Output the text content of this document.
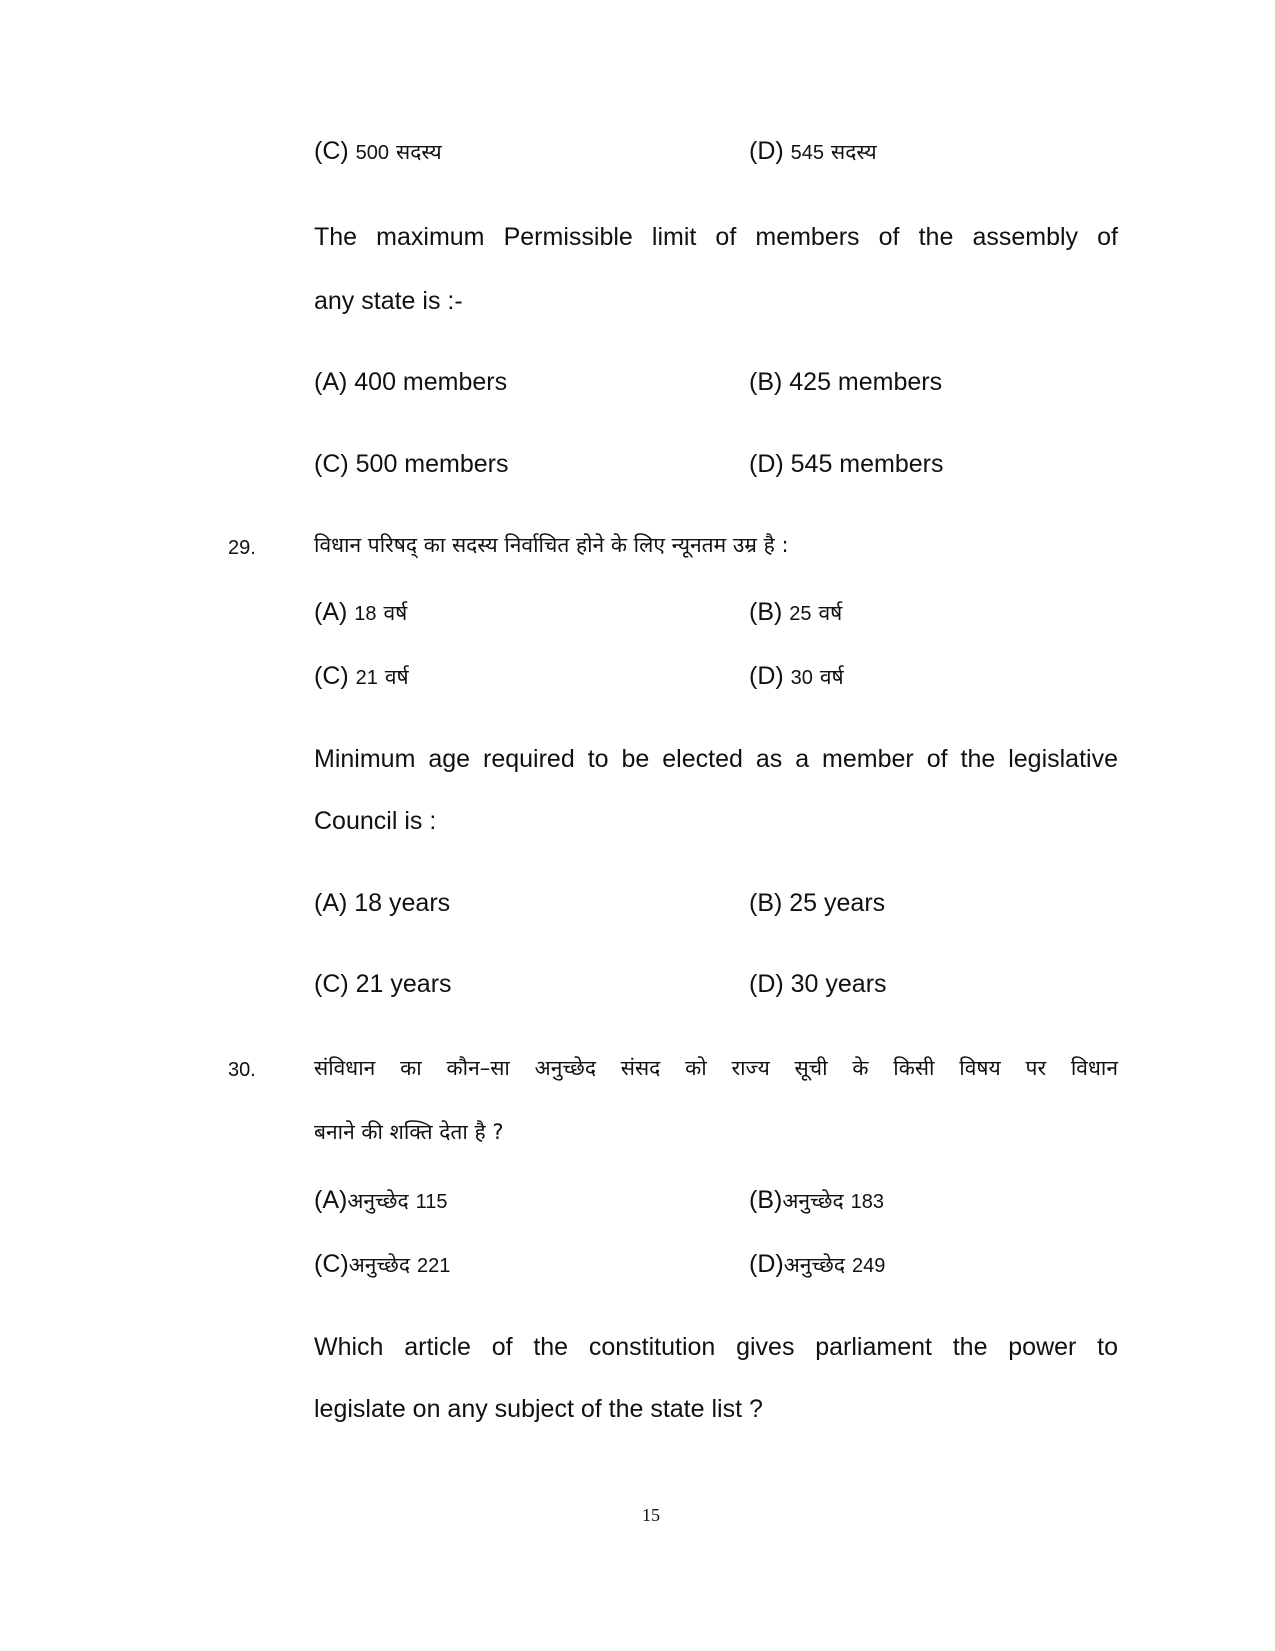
(C) 500 सदस्य	(D) 545 सदस्य
The maximum Permissible limit of members of the assembly of
any state is :-
(A) 400 members	(B) 425 members
(C) 500 members	(D) 545 members
29.	विधान परिषद् का सदस्य निर्वाचित होने के लिए न्यूनतम उम्र है :
(A) 18 वर्ष	(B) 25 वर्ष
(C) 21 वर्ष	(D) 30 वर्ष
Minimum age required to be elected as a member of the legislative
Council is :
(A) 18 years	(B) 25 years
(C) 21 years	(D) 30 years
30.	संविधान का कौन–सा अनुच्छेद संसद को राज्य सूची के किसी विषय पर विधान
बनाने की शक्ति देता है ?
(A)अनुच्छेद 115	(B)अनुच्छेद 183
(C)अनुच्छेद 221	(D)अनुच्छेद 249
Which article of the constitution gives parliament the power to
legislate on any subject of the state list ?
15
